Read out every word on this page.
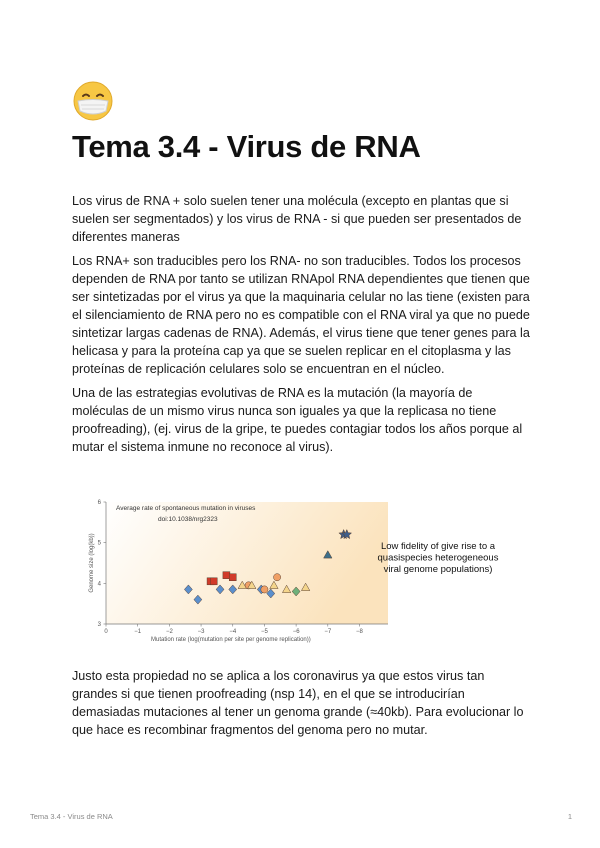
Tema 3.4 - Virus de RNA

Los virus de RNA + solo suelen tener una molécula (excepto en plantas que si suelen ser segmentados) y los virus de RNA - si que pueden ser presentados de diferentes maneras

Los RNA+ son traducibles pero los RNA- no son traducibles. Todos los procesos dependen de RNA por tanto se utilizan RNApol RNA dependientes que tienen que ser sintetizadas por el virus ya que la maquinaria celular no las tiene (existen para el silenciamiento de RNA pero no es compatible con el RNA viral ya que no puede sintetizar largas cadenas de RNA). Además, el virus tiene que tener genes para la helicasa y para la proteína cap ya que se suelen replicar en el citoplasma y las proteínas de replicación celulares solo se encuentran en el núcleo.

Una de las estrategias evolutivas de RNA es la mutación (la mayoría de moléculas de un mismo virus nunca son iguales ya que la replicasa no tiene proofreading), (ej. virus de la gripe, te puedes contagiar todos los años porque al mutar el sistema inmune no reconoce al virus).

0	−1	−2	−3	−4	−5	−6	−7	−8
3
4
5
6
Average rate of spontaneous mutation in viruses
doi:10.1038/nrg2323
Genome size (log(kb))
Mutation rate (log(mutation per site per genome replication))
Low fidelity of give rise to a quasispecies heterogeneous viral genome populations)

Justo esta propiedad no se aplica a los coronavirus ya que estos virus tan grandes si que tienen proofreading (nsp 14), en el que se introducirían demasiadas mutaciones al tener un genoma grande (≈40kb). Para evolucionar lo que hace es recombinar fragmentos del genoma pero no mutar.

Tema 3.4 - Virus de RNA	1
